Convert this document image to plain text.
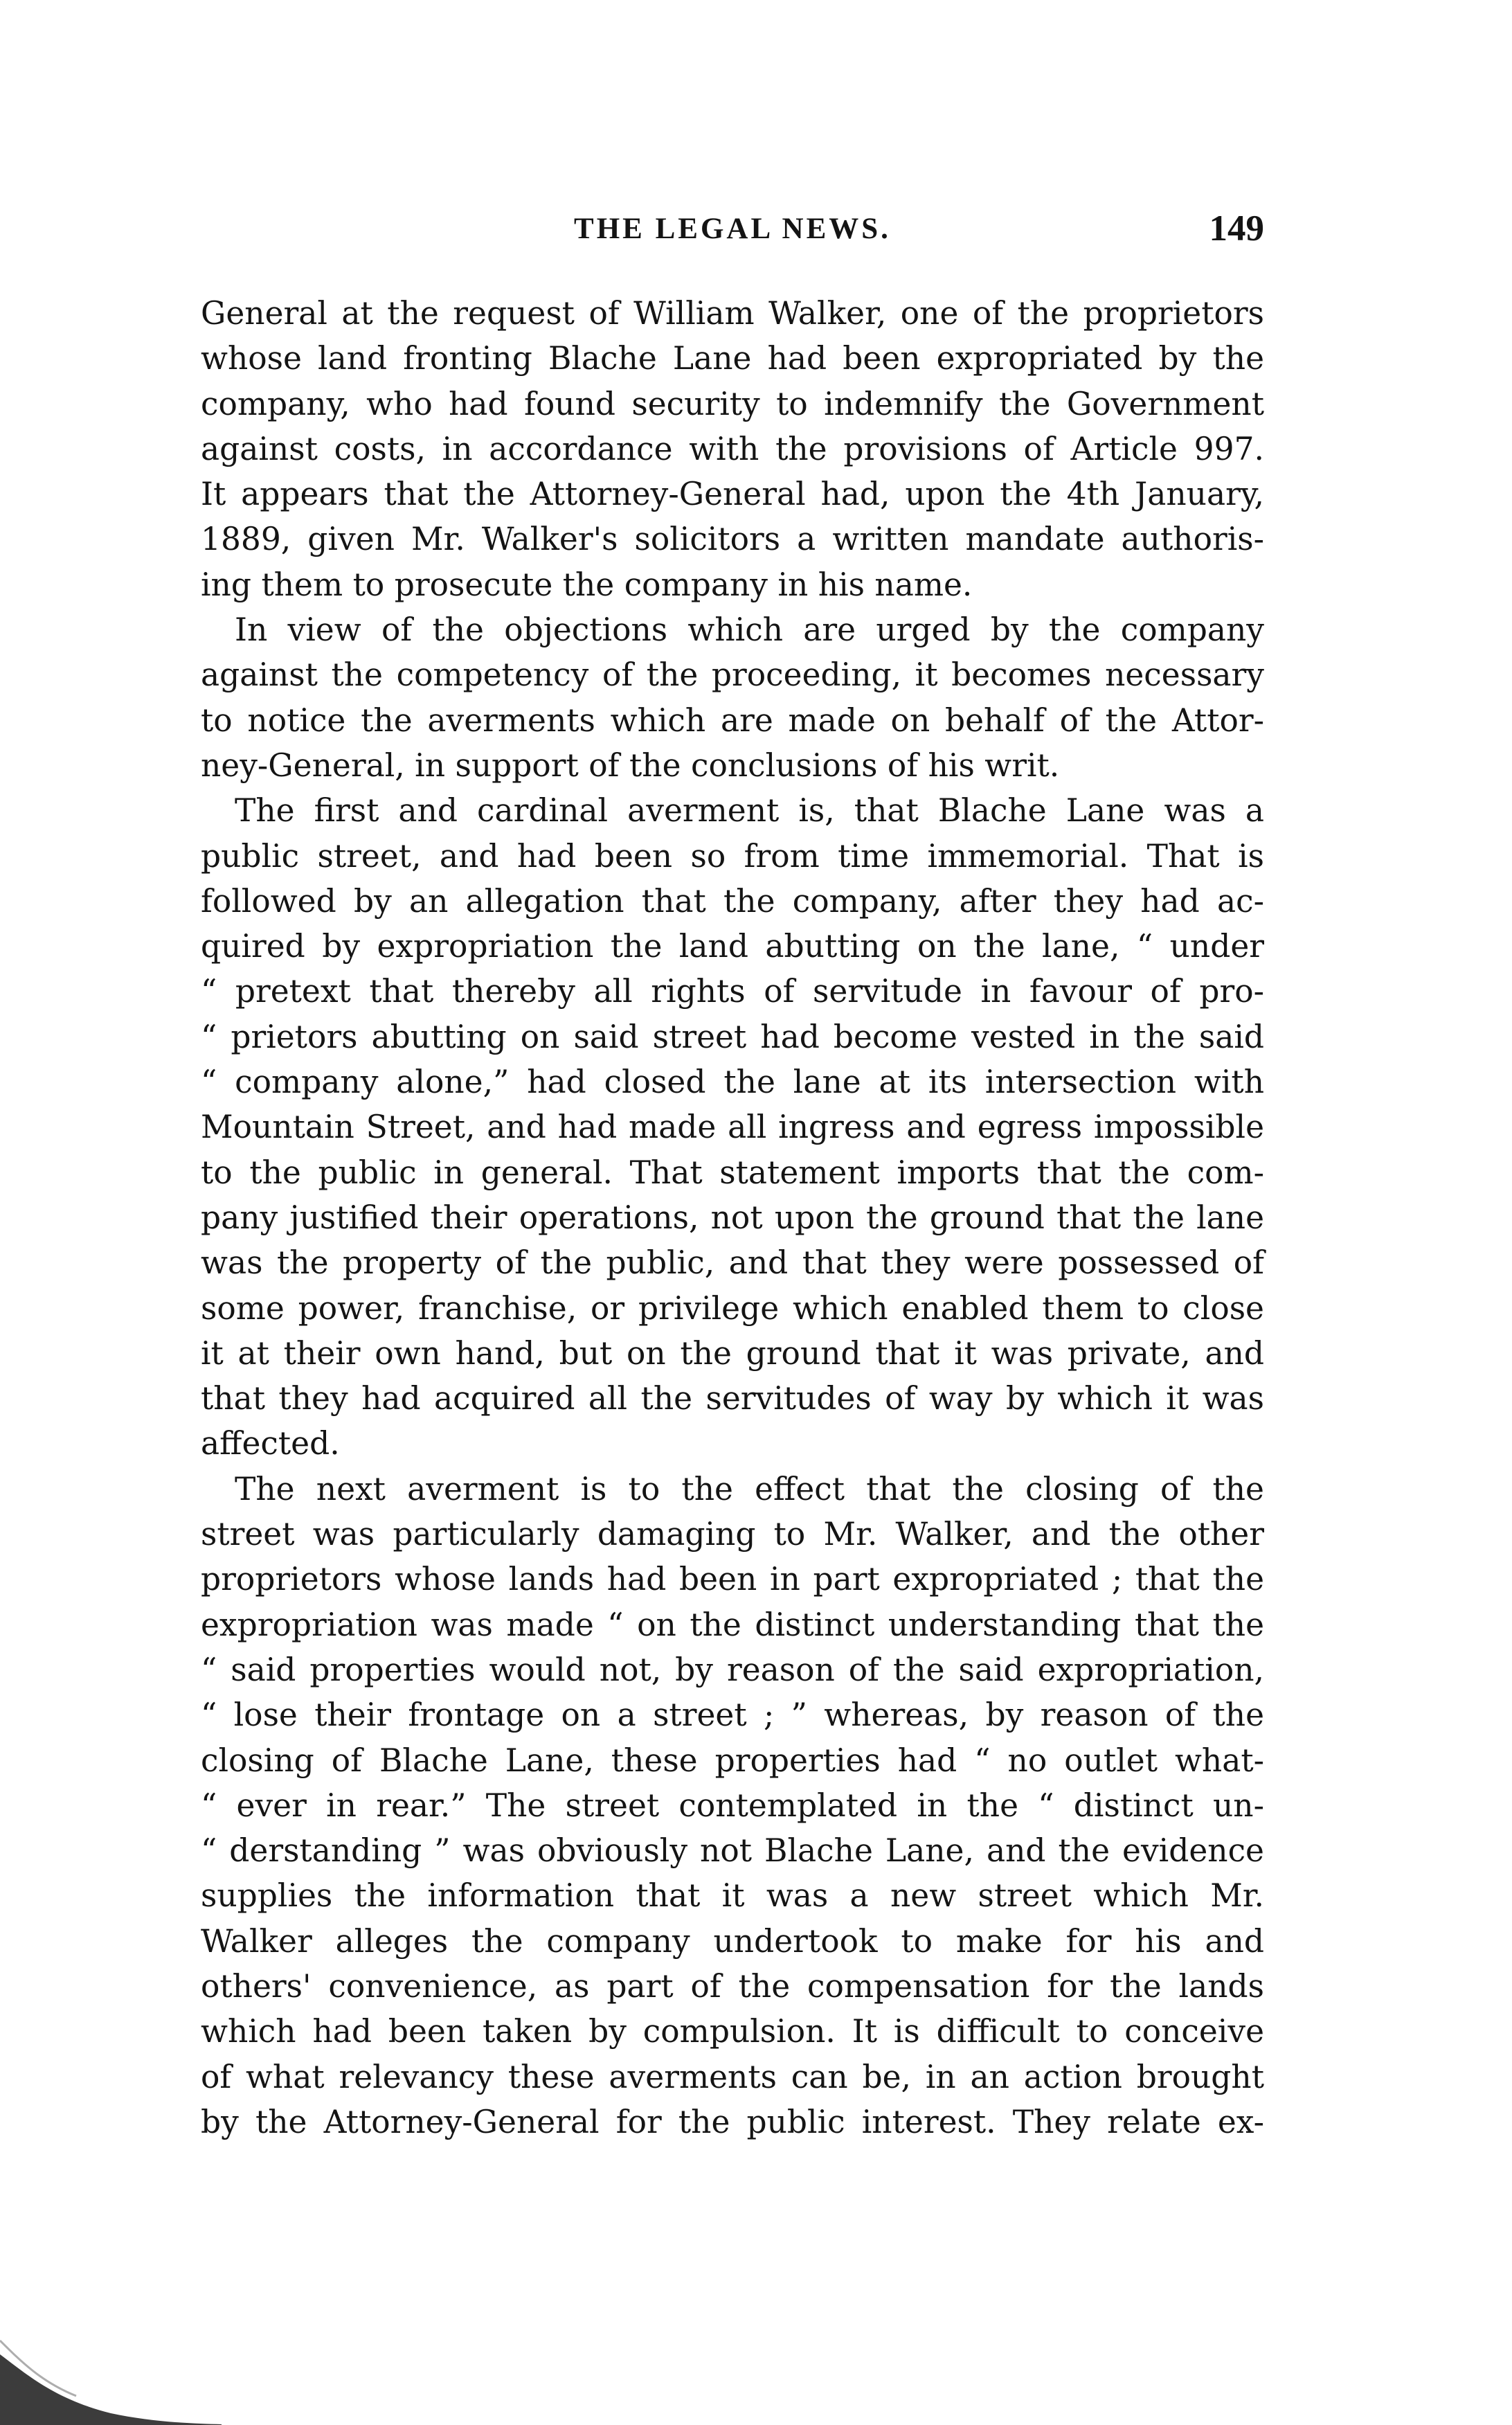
THE LEGAL NEWS.	149
General at the request of William Walker, one of the proprietors
whose land fronting Blache Lane had been expropriated by the
company, who had found security to indemnify the Government
against costs, in accordance with the provisions of Article 997.
It appears that the Attorney-General had, upon the 4th January,
1889, given Mr. Walker's solicitors a written mandate authoris-
ing them to prosecute the company in his name.
In view of the objections which are urged by the company
against the competency of the proceeding, it becomes necessary
to notice the averments which are made on behalf of the Attor-
ney-General, in support of the conclusions of his writ.
The first and cardinal averment is, that Blache Lane was a
public street, and had been so from time immemorial. That is
followed by an allegation that the company, after they had ac-
quired by expropriation the land abutting on the lane, “ under
“ pretext that thereby all rights of servitude in favour of pro-
“ prietors abutting on said street had become vested in the said
“ company alone,” had closed the lane at its intersection with
Mountain Street, and had made all ingress and egress impossible
to the public in general. That statement imports that the com-
pany justified their operations, not upon the ground that the lane
was the property of the public, and that they were possessed of
some power, franchise, or privilege which enabled them to close
it at their own hand, but on the ground that it was private, and
that they had acquired all the servitudes of way by which it was
affected.
The next averment is to the effect that the closing of the
street was particularly damaging to Mr. Walker, and the other
proprietors whose lands had been in part expropriated ; that the
expropriation was made “ on the distinct understanding that the
“ said properties would not, by reason of the said expropriation,
“ lose their frontage on a street ; ” whereas, by reason of the
closing of Blache Lane, these properties had “ no outlet what-
“ ever in rear.” The street contemplated in the “ distinct un-
“ derstanding ” was obviously not Blache Lane, and the evidence
supplies the information that it was a new street which Mr.
Walker alleges the company undertook to make for his and
others' convenience, as part of the compensation for the lands
which had been taken by compulsion. It is difficult to conceive
of what relevancy these averments can be, in an action brought
by the Attorney-General for the public interest. They relate ex-
